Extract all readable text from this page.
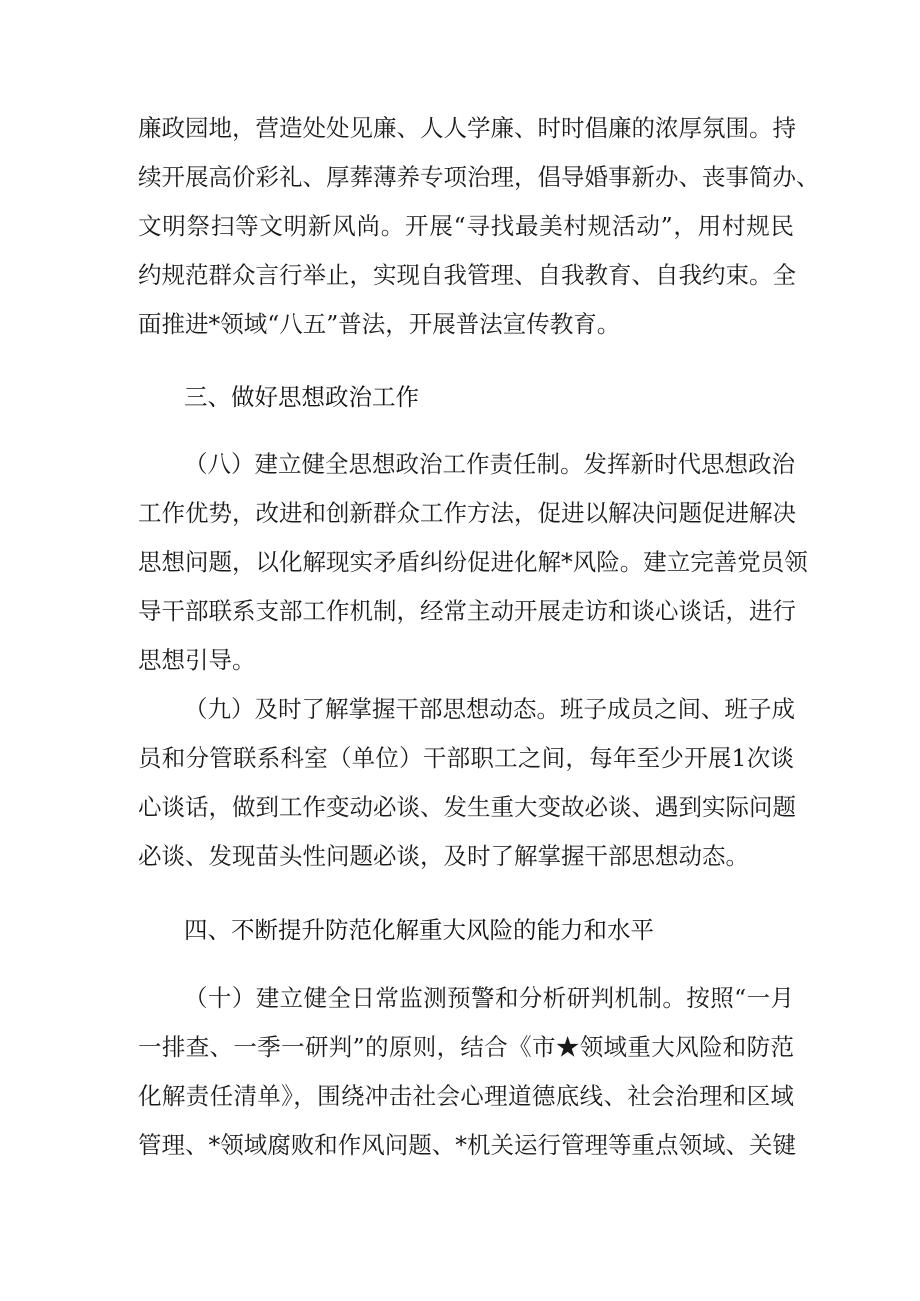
廉政园地，营造处处见廉、人人学廉、时时倡廉的浓厚氛围。持
续开展高价彩礼、厚葬薄养专项治理，倡导婚事新办、丧事简办、
文明祭扫等文明新风尚。开展“寻找最美村规活动”，用村规民
约规范群众言行举止，实现自我管理、自我教育、自我约束。全
面推进*领域“八五”普法，开展普法宣传教育。
三、做好思想政治工作
（八）建立健全思想政治工作责任制。发挥新时代思想政治
工作优势，改进和创新群众工作方法，促进以解决问题促进解决
思想问题，以化解现实矛盾纠纷促进化解*风险。建立完善党员领
导干部联系支部工作机制，经常主动开展走访和谈心谈话，进行
思想引导。
（九）及时了解掌握干部思想动态。班子成员之间、班子成
员和分管联系科室（单位）干部职工之间，每年至少开展1次谈
心谈话，做到工作变动必谈、发生重大变故必谈、遇到实际问题
必谈、发现苗头性问题必谈，及时了解掌握干部思想动态。
四、不断提升防范化解重大风险的能力和水平
（十）建立健全日常监测预警和分析研判机制。按照“一月
一排查、一季一研判”的原则，结合《市★领域重大风险和防范
化解责任清单》，围绕冲击社会心理道德底线、社会治理和区域
管理、*领域腐败和作风问题、*机关运行管理等重点领域、关键
